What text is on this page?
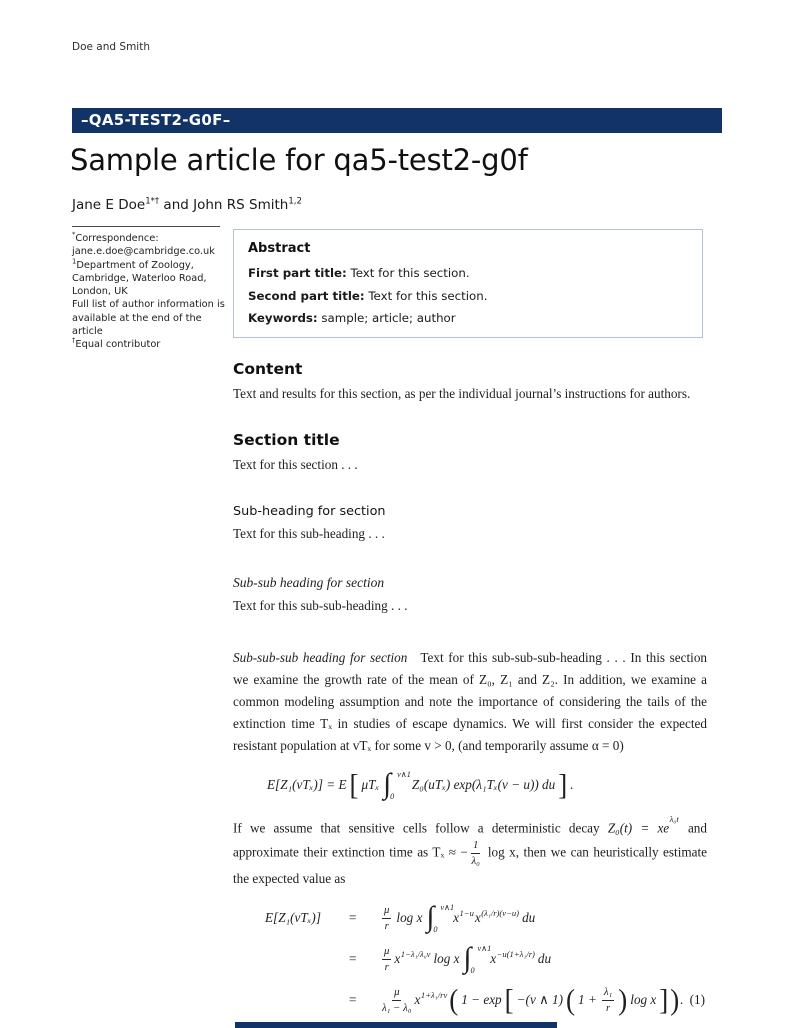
Doe and Smith
–QA5-TEST2-G0F–
Sample article for qa5-test2-g0f
Jane E Doe$^{1*\dagger}$ and John RS Smith$^{1,2}$
*Correspondence:
jane.e.doe@cambridge.co.uk
$^1$Department of Zoology,
Cambridge, Waterloo Road,
London, UK
Full list of author information is
available at the end of the article
†Equal contributor
Abstract

First part title: Text for this section.

Second part title: Text for this section.

Keywords: sample; article; author

Content

Text and results for this section, as per the individual journal’s instructions for authors.

Section title

Text for this section . . .

Sub-heading for section

Text for this sub-heading . . .

Sub-sub heading for section

Text for this sub-sub-heading . . .

Sub-sub-sub heading for section Text for this sub-sub-sub-heading . . . In this section we examine the growth rate of the mean of Z₀, Z₁ and Z₂. In addition, we examine a common modeling assumption and note the importance of considering the tails of the extinction time Tₓ in studies of escape dynamics. We will first consider the expected resistant population at vTₓ for some v > 0, (and temporarily assume α = 0)

E[Z₁(vTₓ)] = E [ μTₓ ∫ v∧1
0
Z₀(uTₓ) exp(λ₁Tₓ(v − u)) du ] .

If we assume that sensitive cells follow a deterministic decay $Z_0(t) = xe^{\lambda_0t}$ and approximate their extinction time as Tₓ ≈ − $\frac{1}{\text{λ₀}}$ log x, then we can heuristically estimate the expected value as

E[Z₁(vTₓ)]	=	$\frac{\mu}{r}$ log x ∫ v∧1
0
$x^{1-u}$ $x^{(\lambda_1/r)(v-u)}$ du
=	$\frac{\mu}{r} x^{1-\lambda_1/\lambda_0v}$ log x ∫ v∧1
0
$x^{-u(1+\lambda_1/r)}$ du
=	$\frac{\mu}{\text{λ₁ − λ₀}} x^{1+\lambda_1/rv}$ ( 1 − exp [ −(v ∧ 1) ( $1 + \frac{\text{λ₁}}{r}$ ) log x ] ) . (1)
